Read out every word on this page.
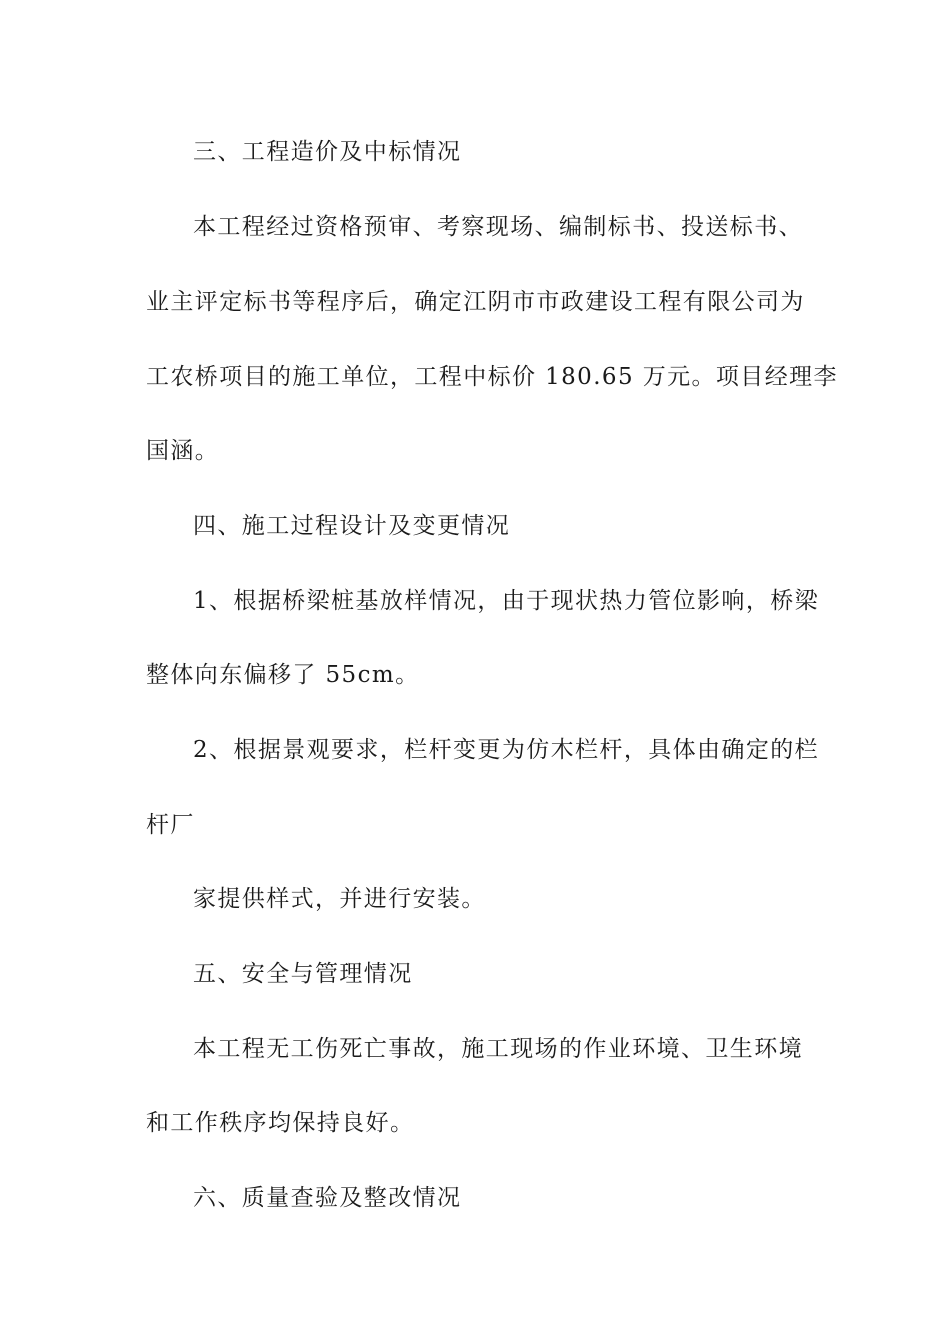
三、工程造价及中标情况
本工程经过资格预审、考察现场、编制标书、投送标书、
业主评定标书等程序后，确定江阴市市政建设工程有限公司为
工农桥项目的施工单位，工程中标价 180.65 万元。项目经理李
国涵。
四、施工过程设计及变更情况
1、根据桥梁桩基放样情况，由于现状热力管位影响，桥梁
整体向东偏移了 55cm。
2、根据景观要求，栏杆变更为仿木栏杆，具体由确定的栏
杆厂
家提供样式，并进行安装。
五、安全与管理情况
本工程无工伤死亡事故，施工现场的作业环境、卫生环境
和工作秩序均保持良好。
六、质量查验及整改情况
